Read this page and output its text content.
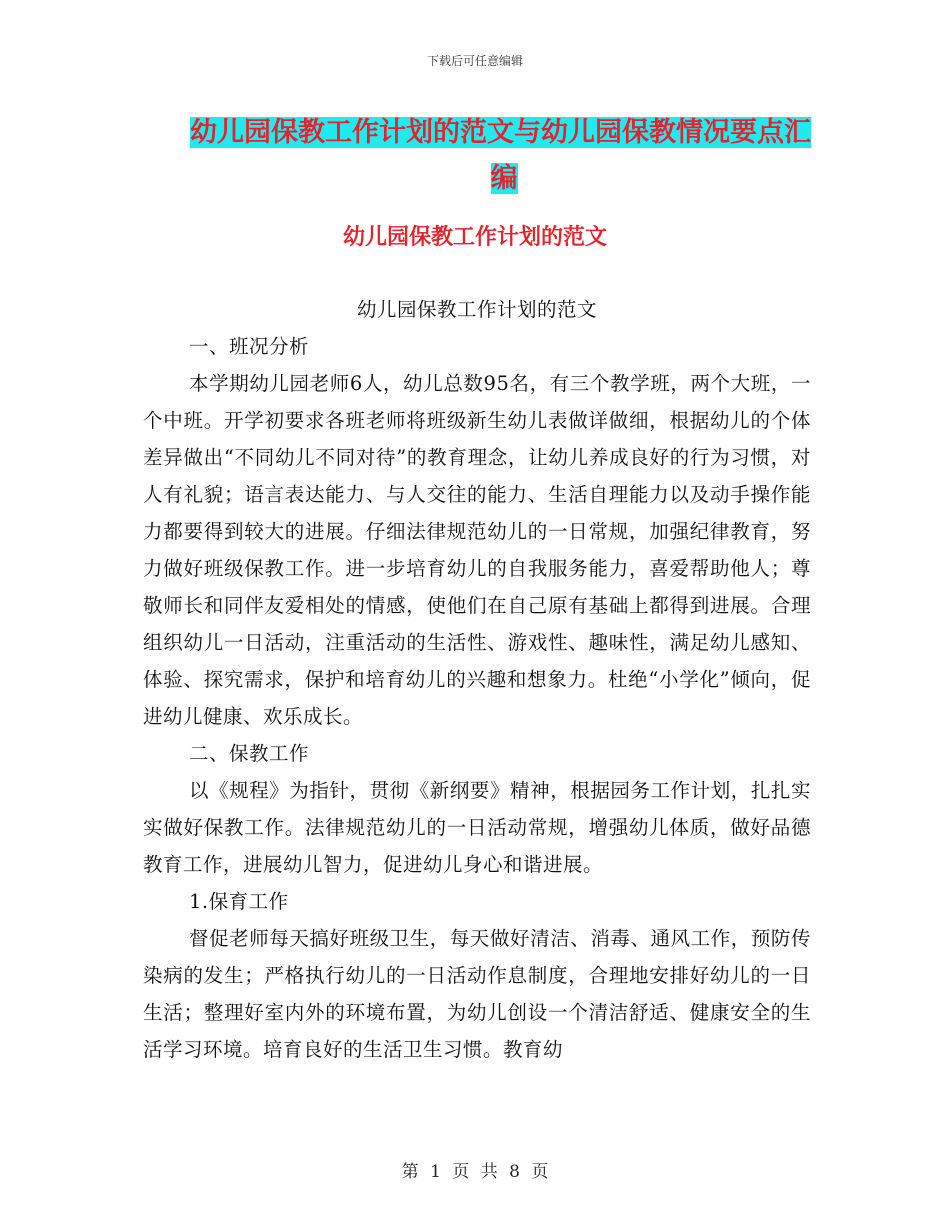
下载后可任意编辑
幼儿园保教工作计划的范文与幼儿园保教情况要点汇
编
幼儿园保教工作计划的范文

幼儿园保教工作计划的范文

一、班况分析

本学期幼儿园老师6人，幼儿总数95名，有三个教学班，两个大班，一个中班。开学初要求各班老师将班级新生幼儿表做详做细，根据幼儿的个体差异做出“不同幼儿不同对待”的教育理念，让幼儿养成良好的行为习惯，对人有礼貌；语言表达能力、与人交往的能力、生活自理能力以及动手操作能力都要得到较大的进展。仔细法律规范幼儿的一日常规，加强纪律教育，努力做好班级保教工作。进一步培育幼儿的自我服务能力，喜爱帮助他人；尊敬师长和同伴友爱相处的情感，使他们在自己原有基础上都得到进展。合理组织幼儿一日活动，注重活动的生活性、游戏性、趣味性，满足幼儿感知、体验、探究需求，保护和培育幼儿的兴趣和想象力。杜绝“小学化”倾向，促进幼儿健康、欢乐成长。

二、保教工作

以《规程》为指针，贯彻《新纲要》精神，根据园务工作计划，扎扎实实做好保教工作。法律规范幼儿的一日活动常规，增强幼儿体质，做好品德教育工作，进展幼儿智力，促进幼儿身心和谐进展。

1.保育工作

督促老师每天搞好班级卫生，每天做好清洁、消毒、通风工作，预防传染病的发生；严格执行幼儿的一日活动作息制度，合理地安排好幼儿的一日生活；整理好室内外的环境布置，为幼儿创设一个清洁舒适、健康安全的生活学习环境。培育良好的生活卫生习惯。教育幼

第 1 页 共 8 页
